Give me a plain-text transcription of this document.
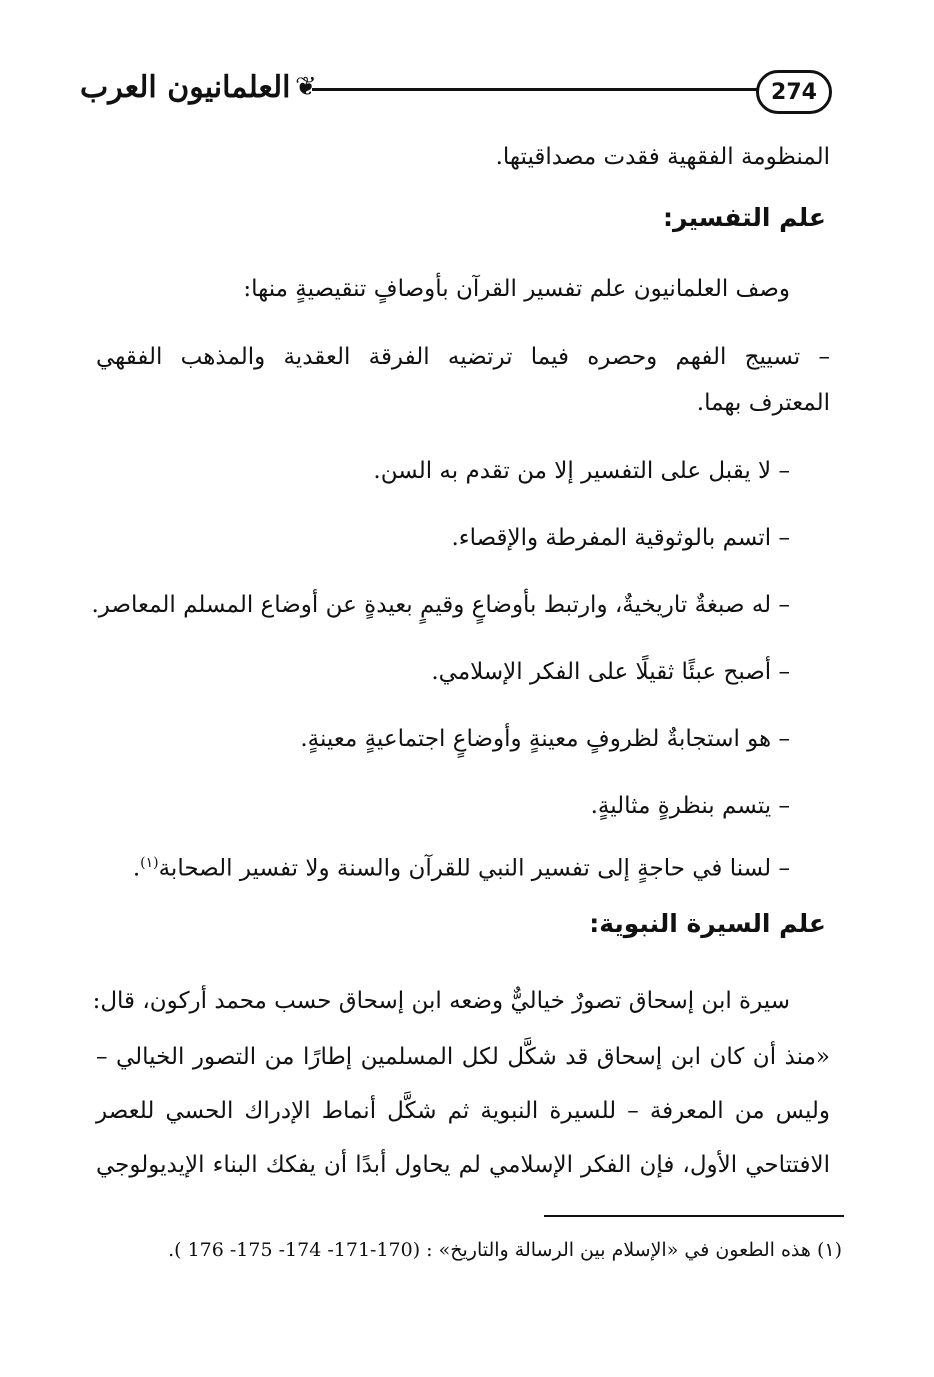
274
❦
العلمانيون العرب
المنظومة الفقهية فقدت مصداقيتها.
علم التفسير:
وصف العلمانيون علم تفسير القرآن بأوصافٍ تنقيصيةٍ منها:
– تسييج الفهم وحصره فيما ترتضيه الفرقة العقدية والمذهب الفقهي
المعترف بهما.
– لا يقبل على التفسير إلا من تقدم به السن.
– اتسم بالوثوقية المفرطة والإقصاء.
– له صبغةٌ تاريخيةٌ، وارتبط بأوضاعٍ وقيمٍ بعيدةٍ عن أوضاع المسلم المعاصر.
– أصبح عبئًا ثقيلًا على الفكر الإسلامي.
– هو استجابةٌ لظروفٍ معينةٍ وأوضاعٍ اجتماعيةٍ معينةٍ.
– يتسم بنظرةٍ مثاليةٍ.
– لسنا في حاجةٍ إلى تفسير النبي للقرآن والسنة ولا تفسير الصحابة$^{(١)}$.
علم السيرة النبوية:
سيرة ابن إسحاق تصورٌ خياليٌّ وضعه ابن إسحاق حسب محمد أركون، قال:
«منذ أن كان ابن إسحاق قد شكَّل لكل المسلمين إطارًا من التصور الخيالي –
وليس من المعرفة – للسيرة النبوية ثم شكَّل أنماط الإدراك الحسي للعصر
الافتتاحي الأول، فإن الفكر الإسلامي لم يحاول أبدًا أن يفكك البناء الإيديولوجي
(١) هذه الطعون في «الإسلام بين الرسالة والتاريخ» : (170-171- 174- 175- 176 ).
